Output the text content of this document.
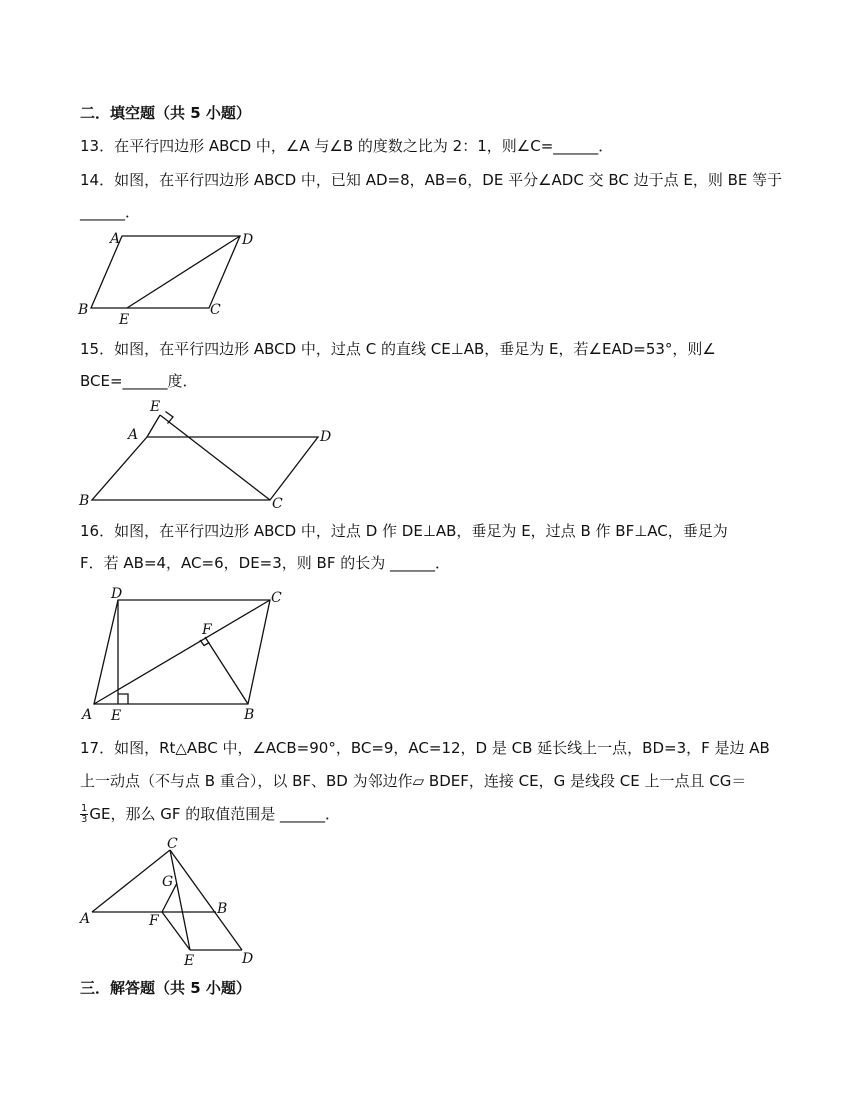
二．填空题（共 5 小题）
13．在平行四边形 ABCD 中，∠A 与∠B 的度数之比为 2：1，则∠C=______．
14．如图，在平行四边形 ABCD 中，已知 AD=8，AB=6，DE 平分∠ADC 交 BC 边于点 E，则 BE 等于
______．
A	D
B	C
E
15．如图，在平行四边形 ABCD 中，过点 C 的直线 CE⊥AB，垂足为 E，若∠EAD=53°，则∠
BCE=______度．
E
A	D
B	C
16．如图，在平行四边形 ABCD 中，过点 D 作 DE⊥AB，垂足为 E，过点 B 作 BF⊥AC，垂足为
F．若 AB=4，AC=6，DE=3，则 BF 的长为 ______．
D	C
F
A E	B
17．如图，Rt△ABC 中，∠ACB=90°，BC=9，AC=12，D 是 CB 延长线上一点，BD=3，F 是边 AB
上一动点（不与点 B 重合），以 BF、BD 为邻边作▱ BDEF，连接 CE，G 是线段 CE 上一点且 CG＝
$\frac{1}{3}$ GE，那么 GF 的取值范围是 ______．
C
G
A	F
B
E	D
三．解答题（共 5 小题）
